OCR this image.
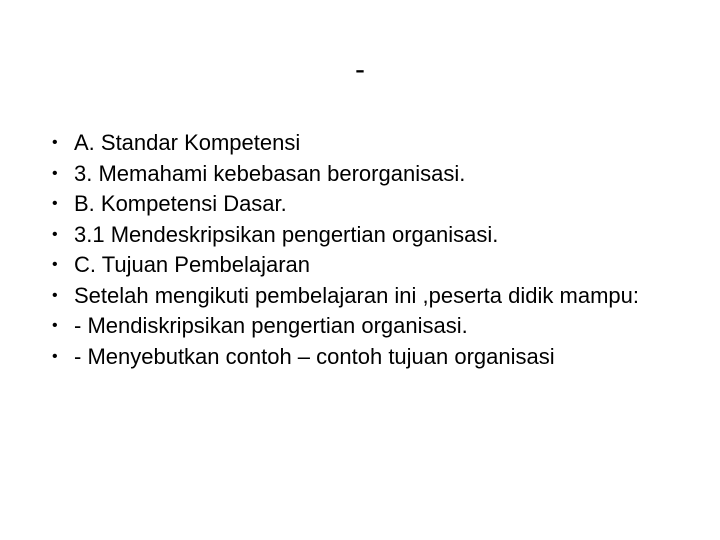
-
• A. Standar Kompetensi
• 3. Memahami kebebasan berorganisasi.
• B. Kompetensi Dasar.
• 3.1 Mendeskripsikan pengertian organisasi.
• C. Tujuan Pembelajaran
• Setelah mengikuti pembelajaran ini ,peserta didik mampu:
• - Mendiskripsikan pengertian organisasi.
• - Menyebutkan contoh – contoh tujuan organisasi
